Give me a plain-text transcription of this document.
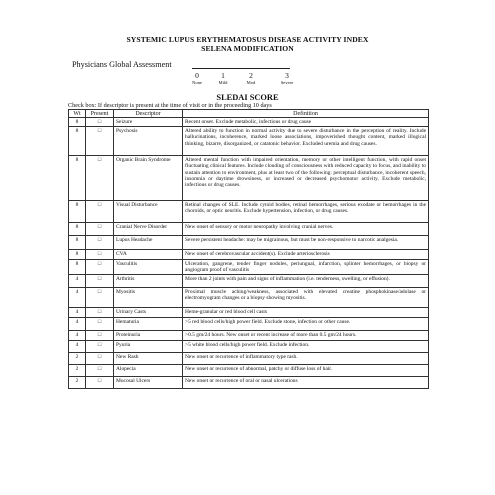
SYSTEMIC LUPUS ERYTHEMATOSUS DISEASE ACTIVITY INDEX
SELENA MODIFICATION
Physicians Global Assessment
0
None
1
Mild
2
Mod
3
Severe
SLEDAI SCORE
Check box: If descriptor is present at the time of visit or in the proceeding 10 days
Wt	Present	Descriptor	Definition
8	□	Seizure	Recent onset. Exclude metabolic, infectious or drug cause
8	□	Psychosis	Altered ability to function in normal activity due to severe disturbance in the perception of reality. Include hallucinations, incoherence, marked loose associations, impoverished thought content, marked illogical thinking, bizarre, disorganized, or catatonic behavior. Excluded uremia and drug causes.
8	□	Organic Brain Syndrome	Altered mental function with impaired orientation, memory or other intelligent function, with rapid onset fluctuating clinical features. Include clouding of consciousness with reduced capacity to focus, and inability to sustain attention to environment, plus at least two of the following: perceptual disturbance, incoherent speech, insomnia or daytime drowsiness, or increased or decreased psychomotor activity. Exclude metabolic, infectious or drug causes.
8	□	Visual Disturbance	Retinal changes of SLE. Include cytoid bodies, retinal hemorrhages, serious exodate or hemorrhages in the choroids, or optic neuritis. Exclude hypertension, infection, or drug causes.
8	□	Cranial Nerve Disorder	New onset of sensory or motor neuropathy involving cranial nerves.
8	□	Lupus Headache	Severe persistent headache: may be migrainous, but must be non-responsive to narcotic analgesia.
8	□	CVA	New onset of cerebrovascular accident(s). Exclude arteriosclerosis
8	□	Vasculitis	Ulceration, gangrene, tender finger nodules, periungual, infarction, splinter hemorrhages, or biopsy or angiogram proof of vasculitis
4	□	Arthritis	More than 2 joints with pain and signs of inflammation (i.e. tenderness, swelling, or effusion).
4	□	Myositis	Proximal muscle aching/weakness, associated with elevated creatine phosphokinase/adolase or electromyogram changes or a biopsy showing myositis.
4	□	Urinary Casts	Heme-granular or red blood cell casts
4	□	Hematuria	>5 red blood cells/high power field. Exclude stone, infection or other cause.
4	□	Proteinuria	>0.5 gm/24 hours. New onset or recent increase of more than 0.5 gm/24 hours.
4	□	Pyuria	>5 white blood cells/high power field. Exclude infection.
2	□	New Rash	New onset or recurrence of inflammatory type rash.
2	□	Alopecia	New onset or recurrence of abnormal, patchy or diffuse loss of hair.
2	□	Mucosal Ulcers	New onset or recurrence of oral or nasal ulcerations
